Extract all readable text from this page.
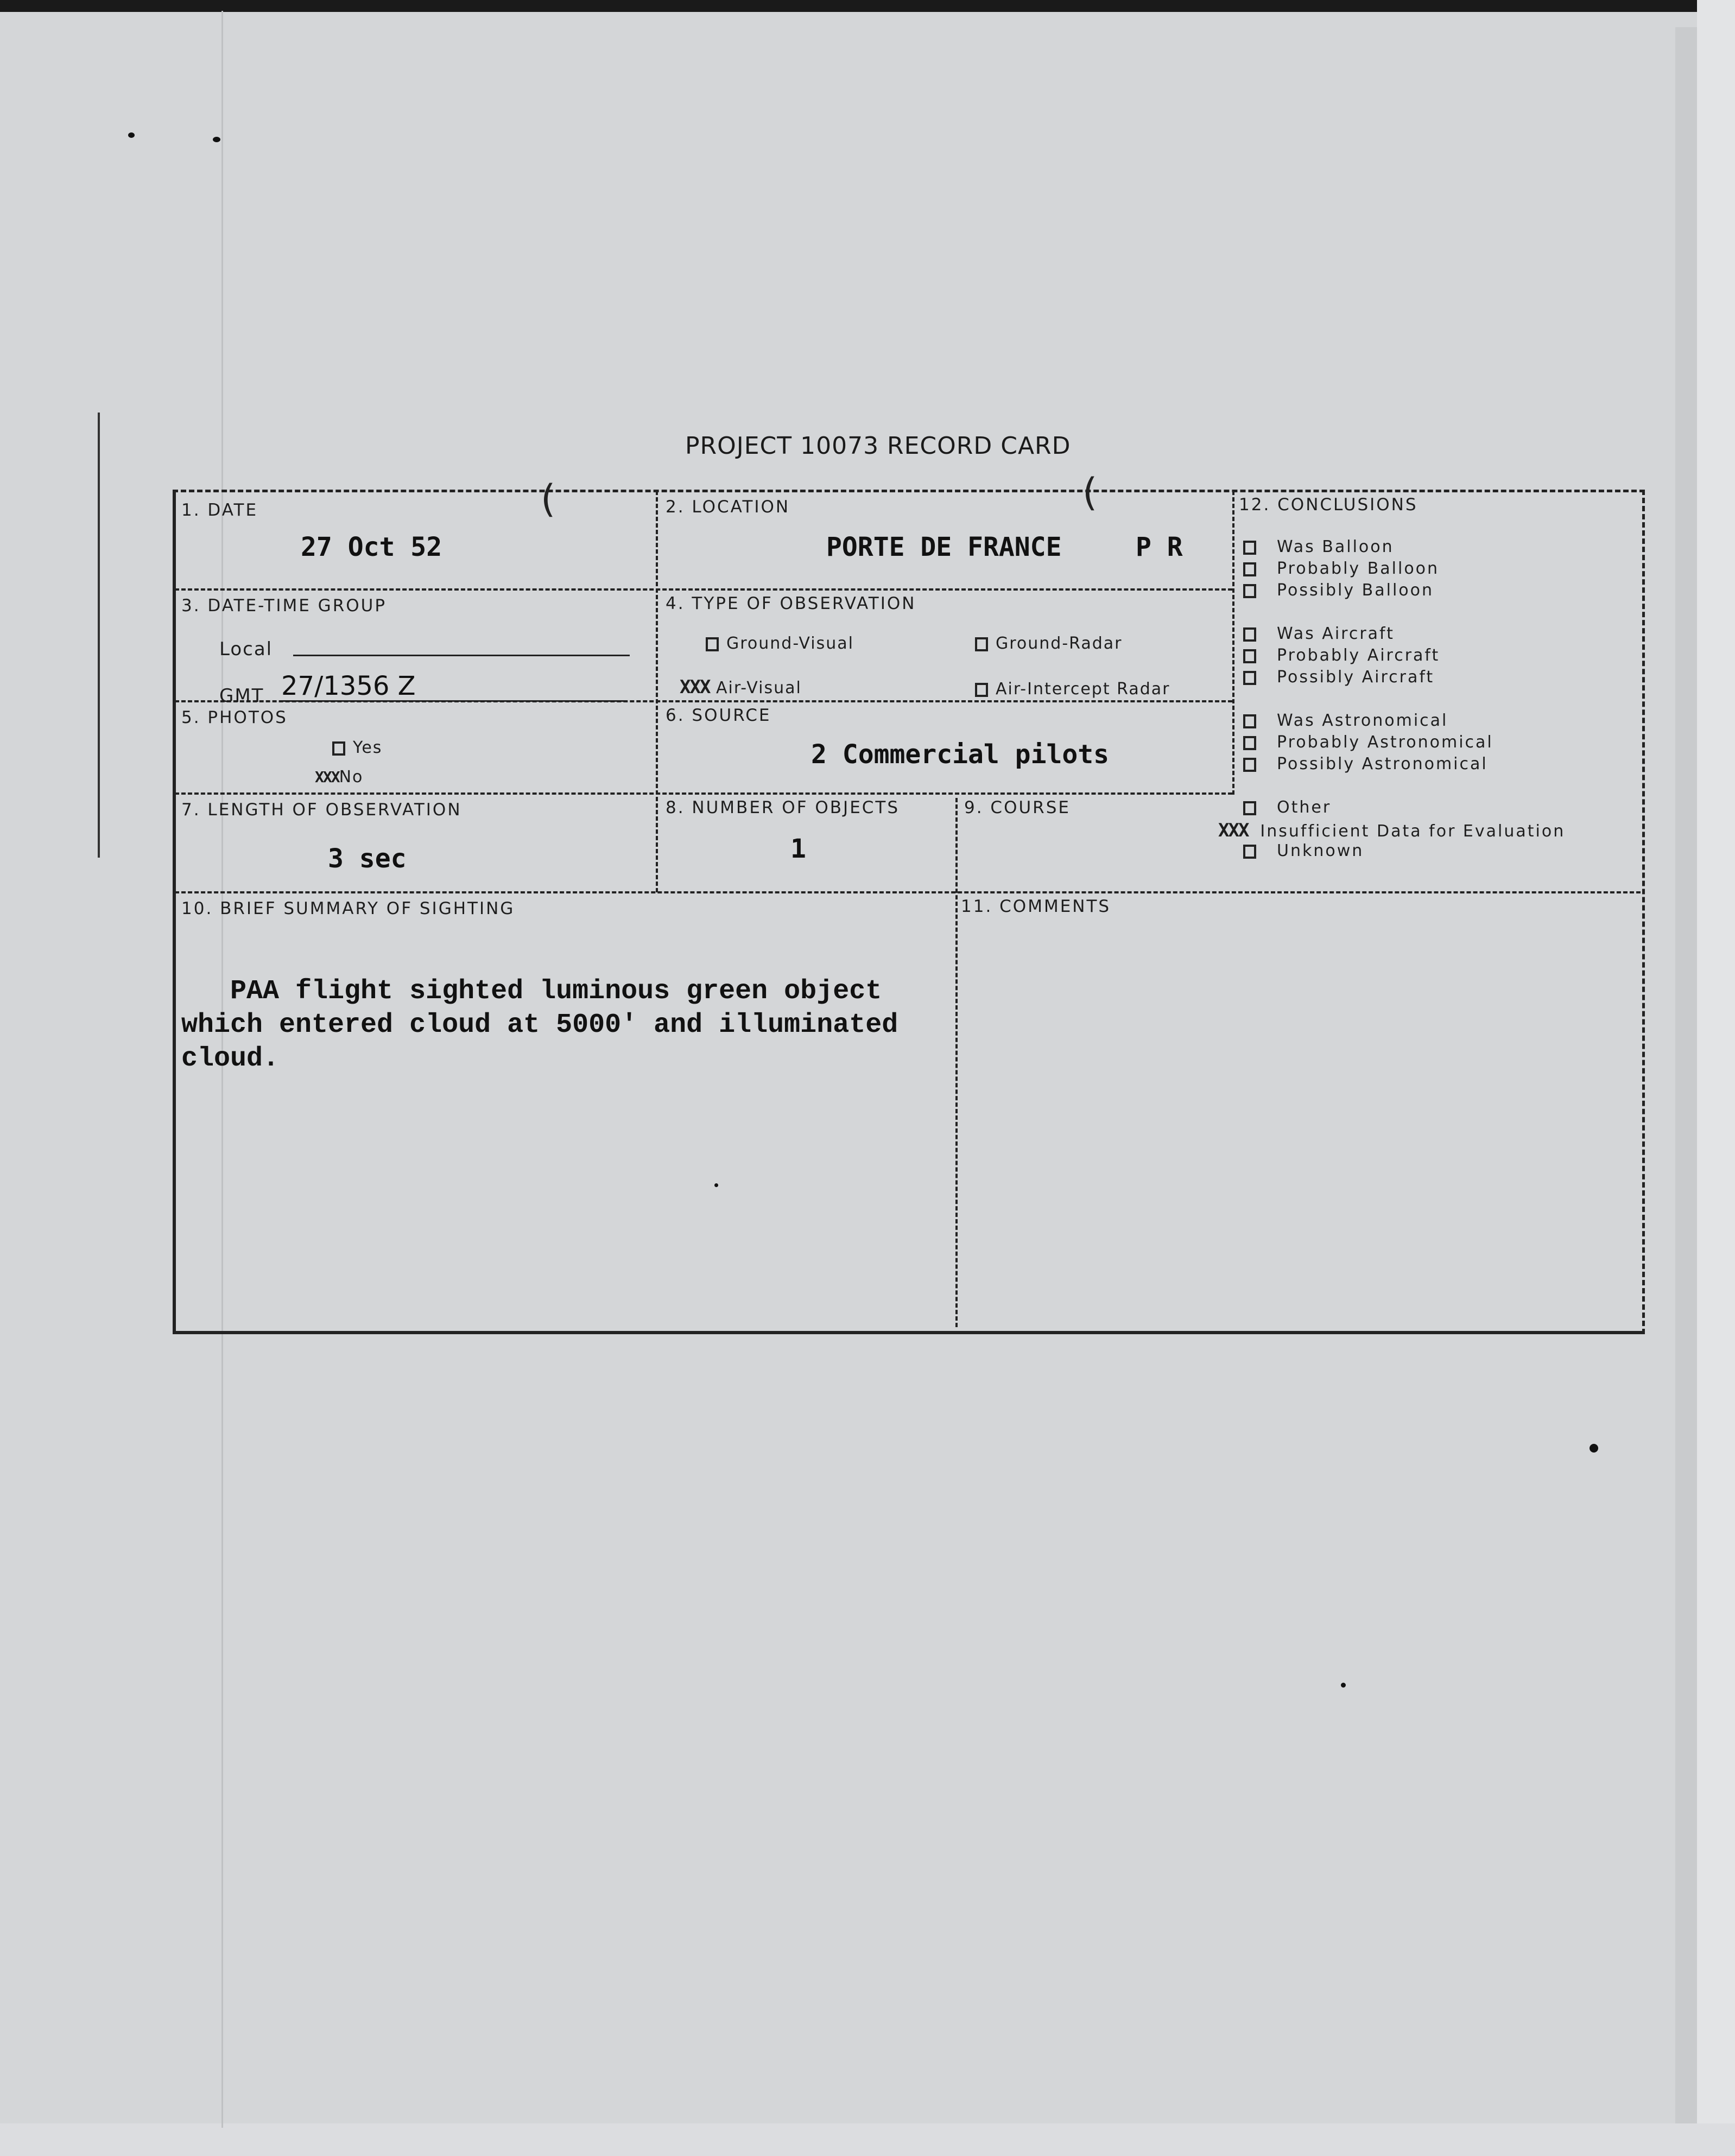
PROJECT 10073 RECORD CARD
(	(
1. DATE
27 Oct 52
2. LOCATION
PORTE DE FRANCE	P R
3. DATE-TIME GROUP
Local
GMT 27/1356 Z
4. TYPE OF OBSERVATION
Ground-Visual	Ground-Radar
XXX Air-Visual	Air-Intercept Radar
5. PHOTOS
Yes
XXXNo
6. SOURCE
2 Commercial pilots
7. LENGTH OF OBSERVATION
3 sec
8. NUMBER OF OBJECTS
1
9. COURSE
10. BRIEF SUMMARY OF SIGHTING
PAA flight sighted luminous green object
which entered cloud at 5000' and illuminated
cloud.
11. COMMENTS
12. CONCLUSIONS
Was Balloon
Probably Balloon
Possibly Balloon
Was Aircraft
Probably Aircraft
Possibly Aircraft
Was Astronomical
Probably Astronomical
Possibly Astronomical
Other
XXX Insufficient Data for Evaluation
Unknown
